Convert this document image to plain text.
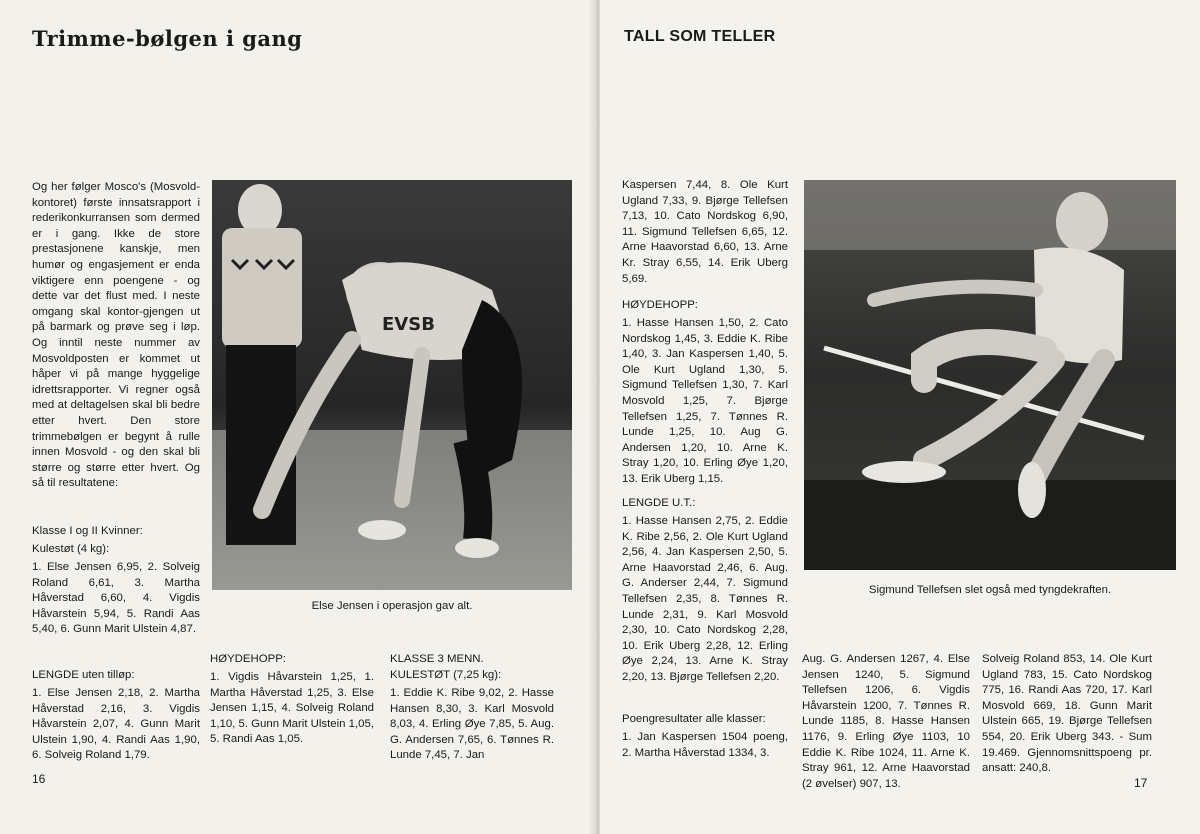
Trimme-bølgen i gang
Og her følger Mosco's (Mosvold-kontoret) første innsatsrapport i rederikonkurransen som dermed er i gang. Ikke de store prestasjonene kanskje, men humør og engasjement er enda viktigere enn poengene - og dette var det flust med. I neste omgang skal kontor-gjengen ut på barmark og prøve seg i løp. Og inntil neste nummer av Mosvoldposten er kommet ut håper vi på mange hyggelige idrettsrapporter. Vi regner også med at deltagelsen skal bli bedre etter hvert. Den store trimmebølgen er begynt å rulle innen Mosvold - og den skal bli større og større etter hvert. Og så til resultatene:
Klasse I og II Kvinner:
Kulestøt (4 kg):
1. Else Jensen 6,95, 2. Solveig Roland 6,61, 3. Martha Håverstad 6,60, 4. Vigdis Håvarstein 5,94, 5. Randi Aas 5,40, 6. Gunn Marit Ulstein 4,87.
LENGDE uten tilløp:
1. Else Jensen 2,18, 2. Martha Håverstad 2,16, 3. Vigdis Håvarstein 2,07, 4. Gunn Marit Ulstein 1,90, 4. Randi Aas 1,90, 6. Solveig Roland 1,79.
EVSB
Else Jensen i operasjon gav alt.
HØYDEHOPP:
1. Vigdis Håvarstein 1,25, 1. Martha Håverstad 1,25, 3. Else Jensen 1,15, 4. Solveig Roland 1,10, 5. Gunn Marit Ulstein 1,05, 5. Randi Aas 1,05.
KLASSE 3 MENN.
KULESTØT (7,25 kg):
1. Eddie K. Ribe 9,02, 2. Hasse Hansen 8,30, 3. Karl Mosvold 8,03, 4. Erling Øye 7,85, 5. Aug. G. Andersen 7,65, 6. Tønnes R. Lunde 7,45, 7. Jan
16
TALL SOM TELLER
Kaspersen 7,44, 8. Ole Kurt Ugland 7,33, 9. Bjørge Tellefsen 7,13, 10. Cato Nordskog 6,90, 11. Sigmund Tellefsen 6,65, 12. Arne Haavorstad 6,60, 13. Arne Kr. Stray 6,55, 14. Erik Uberg 5,69.
HØYDEHOPP:
1. Hasse Hansen 1,50, 2. Cato Nordskog 1,45, 3. Eddie K. Ribe 1,40, 3. Jan Kaspersen 1,40, 5. Ole Kurt Ugland 1,30, 5. Sigmund Tellefsen 1,30, 7. Karl Mosvold 1,25, 7. Bjørge Tellefsen 1,25, 7. Tønnes R. Lunde 1,25, 10. Aug G. Andersen 1,20, 10. Arne K. Stray 1,20, 10. Erling Øye 1,20, 13. Erik Uberg 1,15.
LENGDE U.T.:
1. Hasse Hansen 2,75, 2. Eddie K. Ribe 2,56, 2. Ole Kurt Ugland 2,56, 4. Jan Kaspersen 2,50, 5. Arne Haavorstad 2,46, 6. Aug. G. Anderser 2,44, 7. Sigmund Tellefsen 2,35, 8. Tønnes R. Lunde 2,31, 9. Karl Mosvold 2,30, 10. Cato Nordskog 2,28, 10. Erik Uberg 2,28, 12. Erling Øye 2,24, 13. Arne K. Stray 2,20, 13. Bjørge Tellefsen 2,20.
Poengresultater alle klasser:
1. Jan Kaspersen 1504 poeng, 2. Martha Håverstad 1334, 3.
Sigmund Tellefsen slet også med tyngdekraften.
Aug. G. Andersen 1267, 4. Else Jensen 1240, 5. Sigmund Tellefsen 1206, 6. Vigdis Håvarstein 1200, 7. Tønnes R. Lunde 1185, 8. Hasse Hansen 1176, 9. Erling Øye 1103, 10 Eddie K. Ribe 1024, 11. Arne K. Stray 961, 12. Arne Haavorstad (2 øvelser) 907, 13.
Solveig Roland 853, 14. Ole Kurt Ugland 783, 15. Cato Nordskog 775, 16. Randi Aas 720, 17. Karl Mosvold 669, 18. Gunn Marit Ulstein 665, 19. Bjørge Tellefsen 554, 20. Erik Uberg 343. - Sum 19.469. Gjennomsnittspoeng pr. ansatt: 240,8.
17
